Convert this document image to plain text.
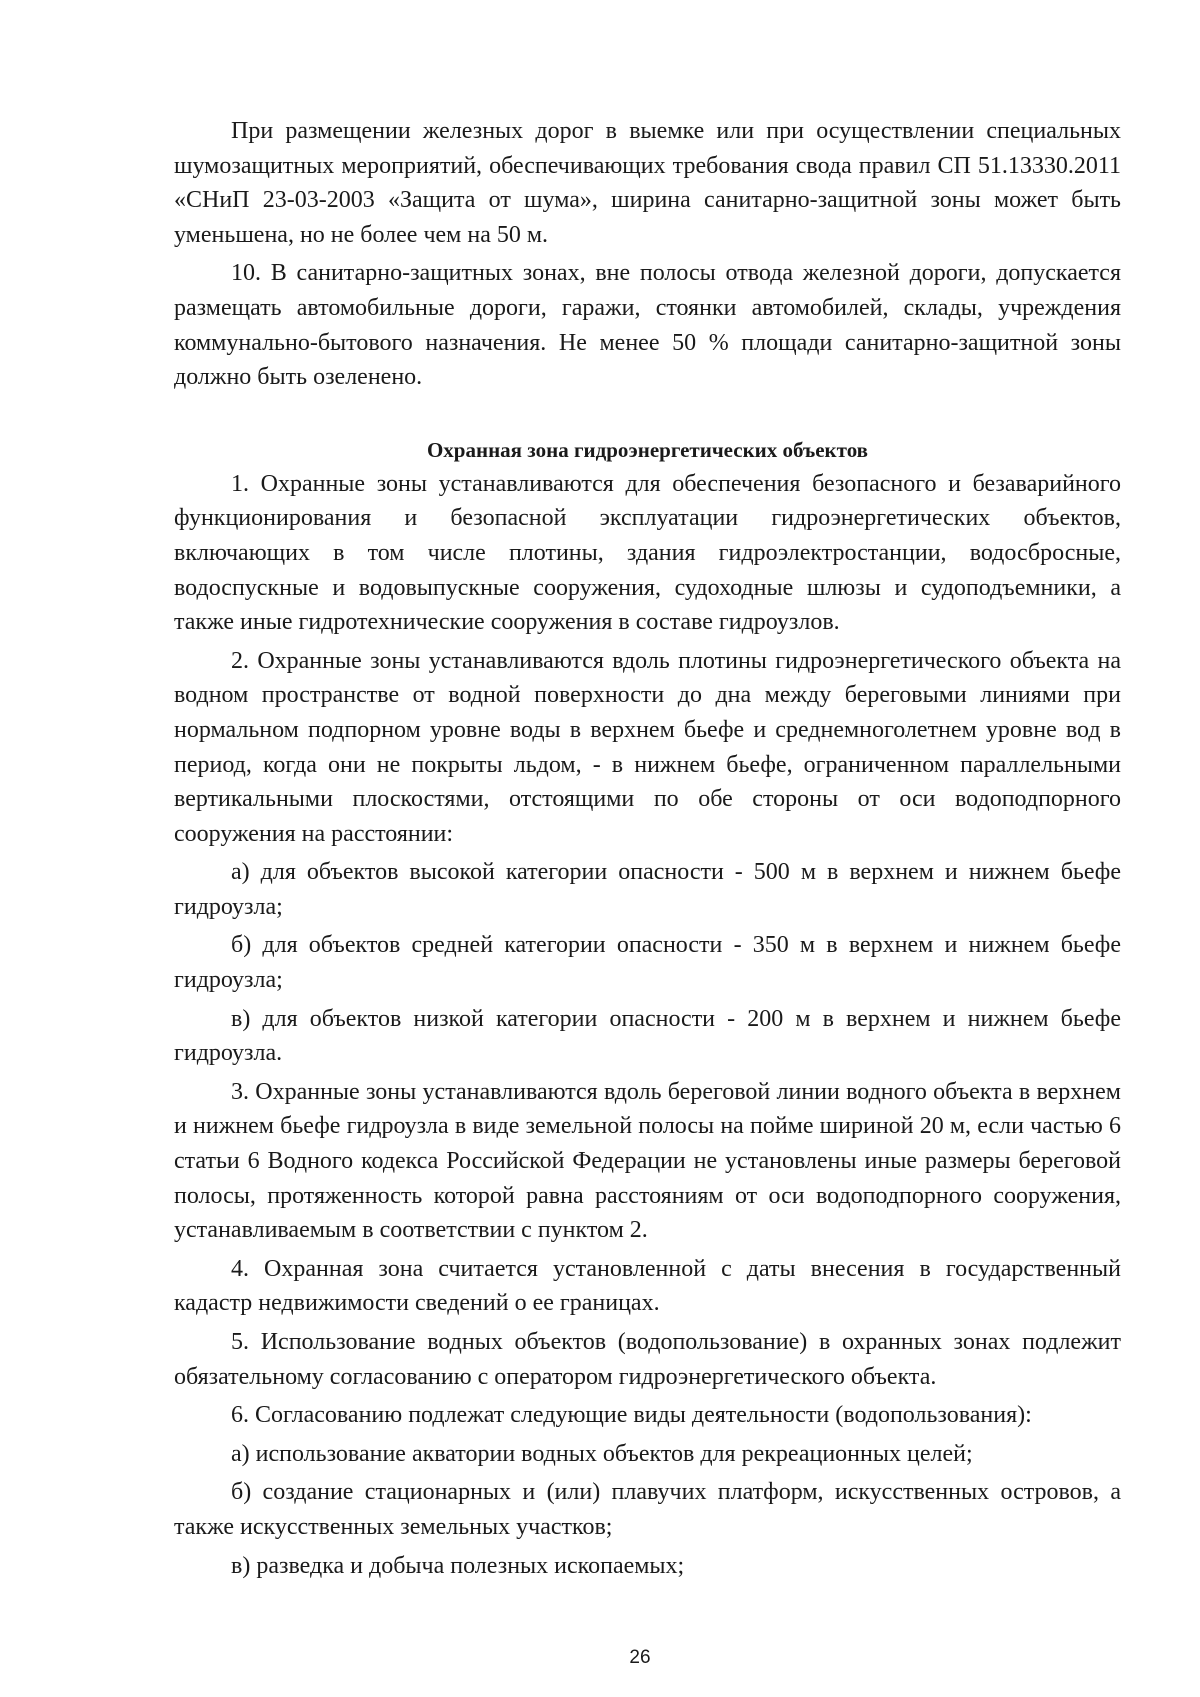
При размещении железных дорог в выемке или при осуществлении специальных шумозащитных мероприятий, обеспечивающих требования свода правил СП 51.13330.2011 «СНиП 23-03-2003 «Защита от шума», ширина санитарно-защитной зоны может быть уменьшена, но не более чем на 50 м.

10. В санитарно-защитных зонах, вне полосы отвода железной дороги, допускается размещать автомобильные дороги, гаражи, стоянки автомобилей, склады, учреждения коммунально-бытового назначения. Не менее 50 % площади санитарно-защитной зоны должно быть озеленено.

Охранная зона гидроэнергетических объектов

1. Охранные зоны устанавливаются для обеспечения безопасного и безаварийного функционирования и безопасной эксплуатации гидроэнергетических объектов, включающих в том числе плотины, здания гидроэлектростанции, водосбросные, водоспускные и водовыпускные сооружения, судоходные шлюзы и судоподъемники, а также иные гидротехнические сооружения в составе гидроузлов.

2. Охранные зоны устанавливаются вдоль плотины гидроэнергетического объекта на водном пространстве от водной поверхности до дна между береговыми линиями при нормальном подпорном уровне воды в верхнем бьефе и среднемноголетнем уровне вод в период, когда они не покрыты льдом, - в нижнем бьефе, ограниченном параллельными вертикальными плоскостями, отстоящими по обе стороны от оси водоподпорного сооружения на расстоянии:

а) для объектов высокой категории опасности - 500 м в верхнем и нижнем бьефе гидроузла;

б) для объектов средней категории опасности - 350 м в верхнем и нижнем бьефе гидроузла;

в) для объектов низкой категории опасности - 200 м в верхнем и нижнем бьефе гидроузла.

3. Охранные зоны устанавливаются вдоль береговой линии водного объекта в верхнем и нижнем бьефе гидроузла в виде земельной полосы на пойме шириной 20 м, если частью 6 статьи 6 Водного кодекса Российской Федерации не установлены иные размеры береговой полосы, протяженность которой равна расстояниям от оси водоподпорного сооружения, устанавливаемым в соответствии с пунктом 2.

4. Охранная зона считается установленной с даты внесения в государственный кадастр недвижимости сведений о ее границах.

5. Использование водных объектов (водопользование) в охранных зонах подлежит обязательному согласованию с оператором гидроэнергетического объекта.

6. Согласованию подлежат следующие виды деятельности (водопользования):

а) использование акватории водных объектов для рекреационных целей;

б) создание стационарных и (или) плавучих платформ, искусственных островов, а также искусственных земельных участков;

в) разведка и добыча полезных ископаемых;

26
